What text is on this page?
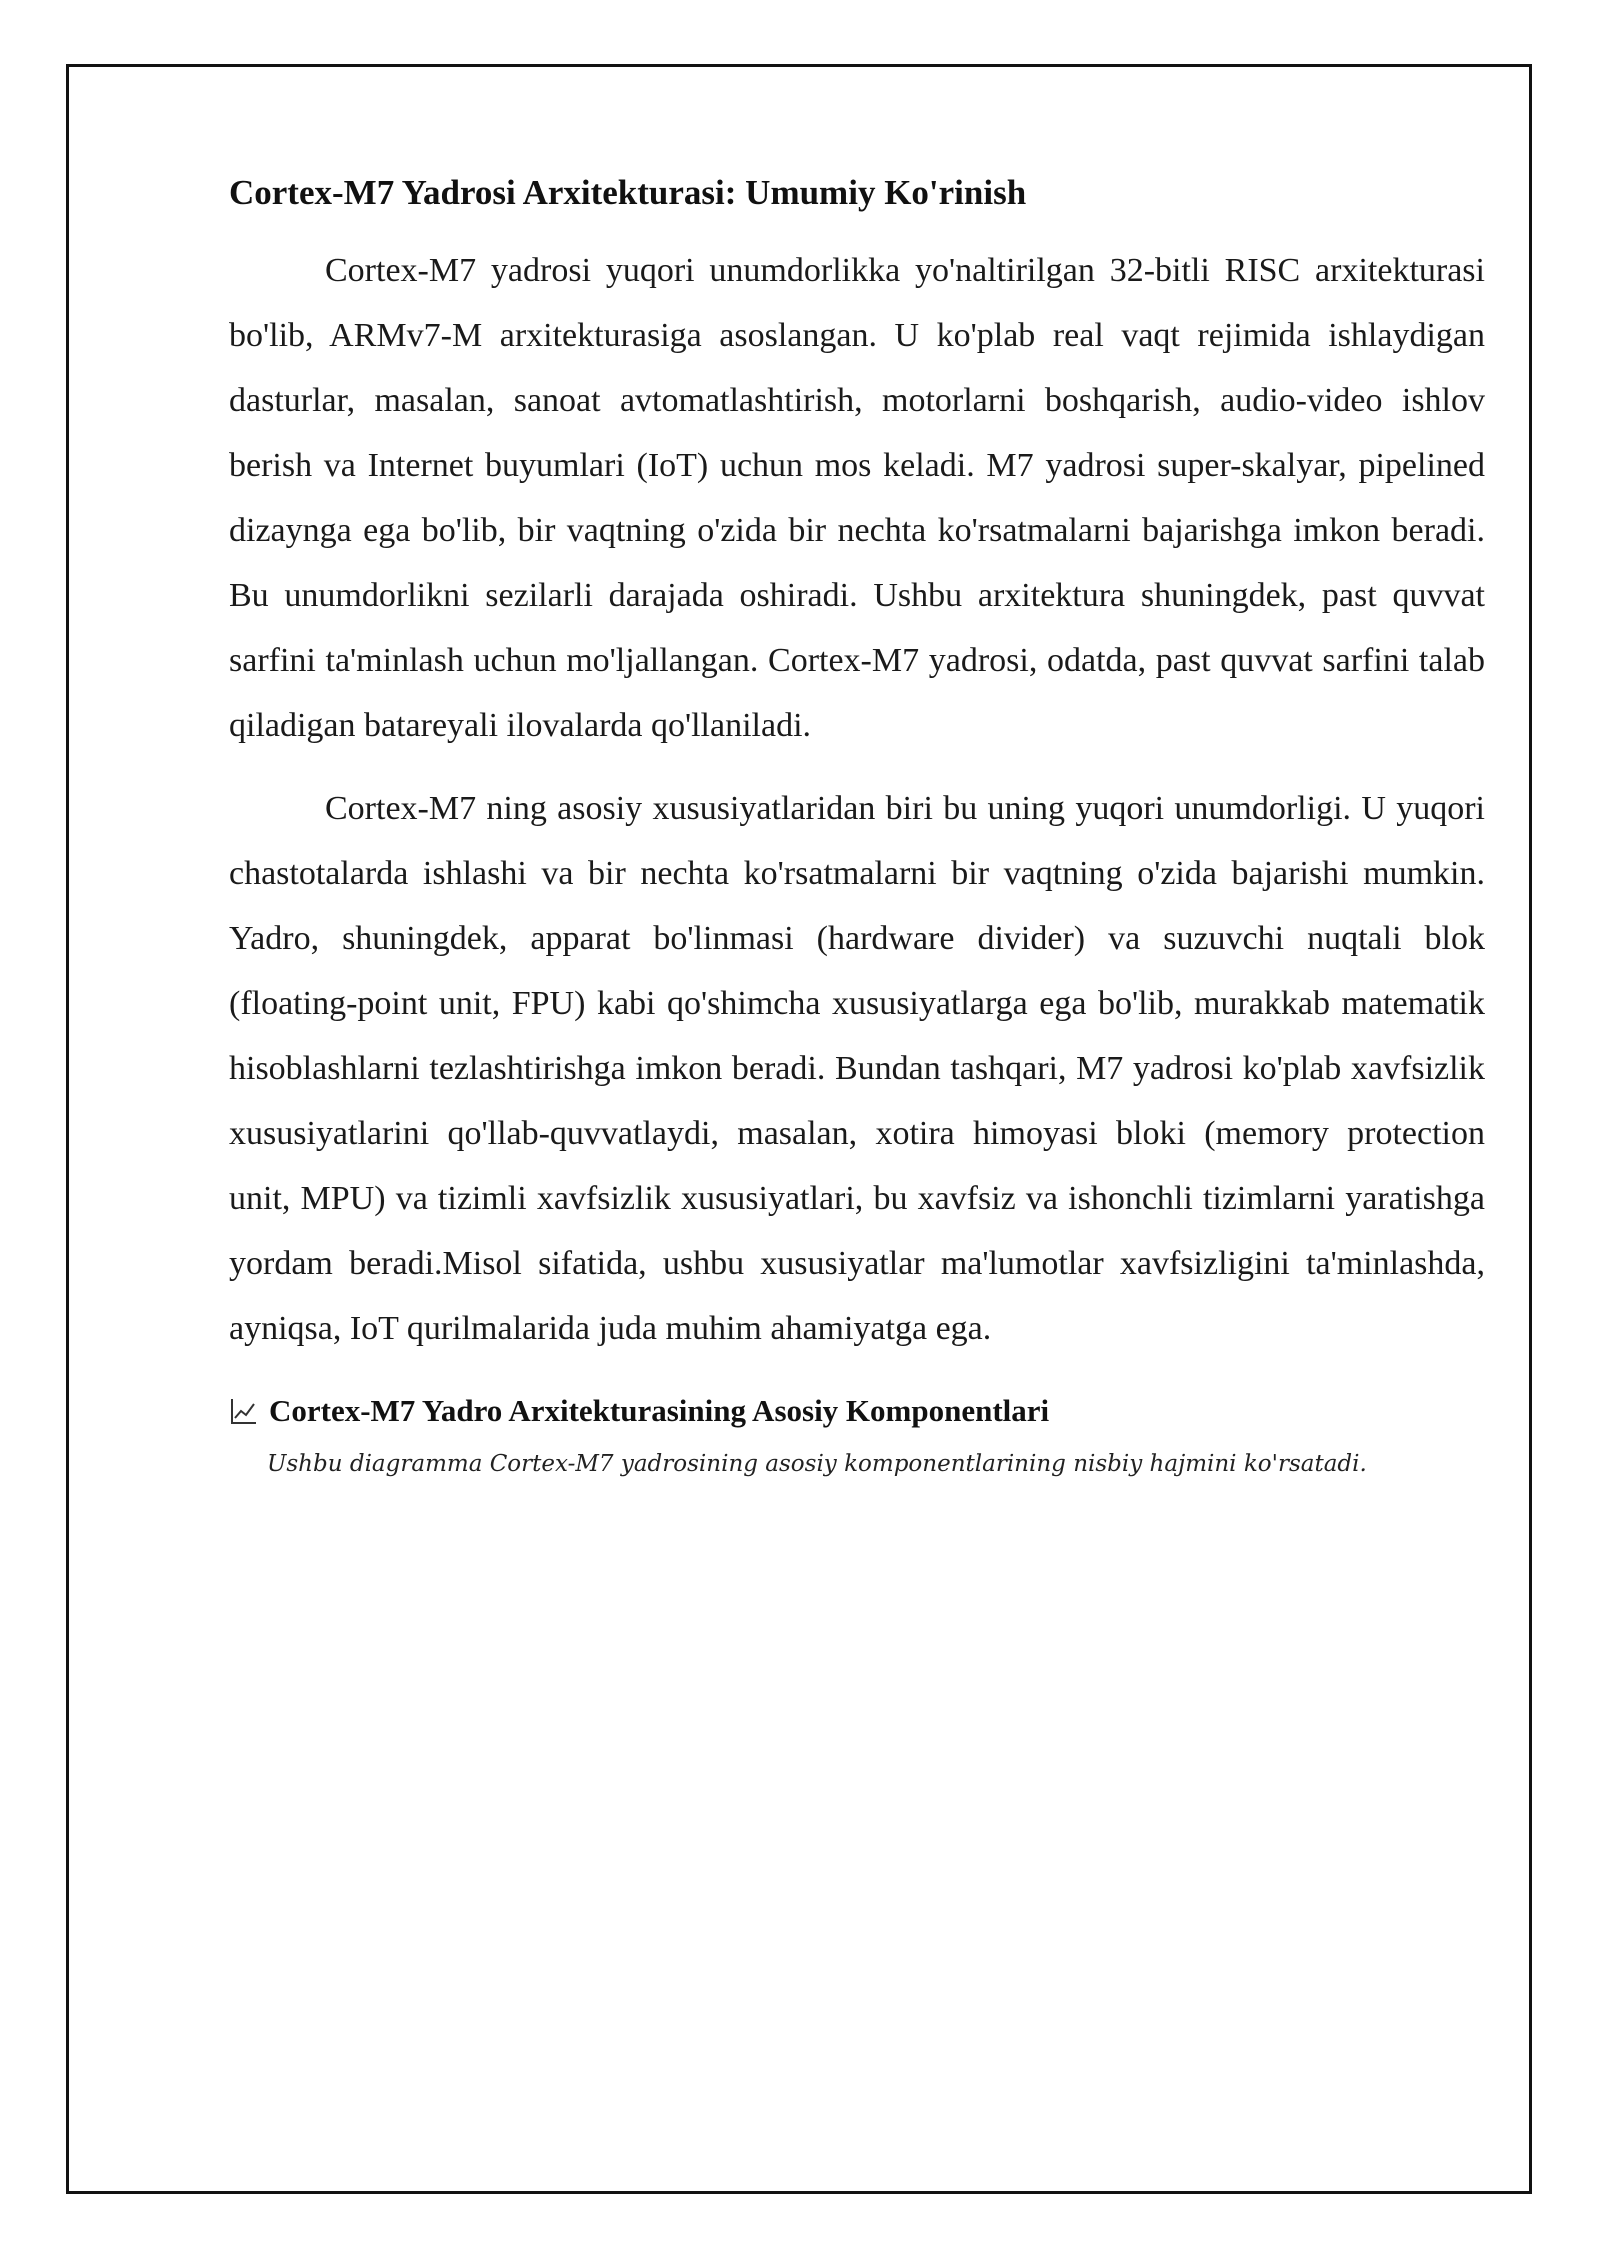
Cortex-M7 Yadrosi Arxitekturasi: Umumiy Ko'rinish

Cortex-M7 yadrosi yuqori unumdorlikka yo'naltirilgan 32-bitli RISC arxitekturasi bo'lib, ARMv7-M arxitekturasiga asoslangan. U ko'plab real vaqt rejimida ishlaydigan dasturlar, masalan, sanoat avtomatlashtirish, motorlarni boshqarish, audio-video ishlov berish va Internet buyumlari (IoT) uchun mos keladi. M7 yadrosi super-skalyar, pipelined dizaynga ega bo'lib, bir vaqtning o'zida bir nechta ko'rsatmalarni bajarishga imkon beradi. Bu unumdorlikni sezilarli darajada oshiradi. Ushbu arxitektura shuningdek, past quvvat sarfini ta'minlash uchun mo'ljallangan. Cortex-M7 yadrosi, odatda, past quvvat sarfini talab qiladigan batareyali ilovalarda qo'llaniladi.

Cortex-M7 ning asosiy xususiyatlaridan biri bu uning yuqori unumdorligi. U yuqori chastotalarda ishlashi va bir nechta ko'rsatmalarni bir vaqtning o'zida bajarishi mumkin. Yadro, shuningdek, apparat bo'linmasi (hardware divider) va suzuvchi nuqtali blok (floating-point unit, FPU) kabi qo'shimcha xususiyatlarga ega bo'lib, murakkab matematik hisoblashlarni tezlashtirishga imkon beradi. Bundan tashqari, M7 yadrosi ko'plab xavfsizlik xususiyatlarini qo'llab-quvvatlaydi, masalan, xotira himoyasi bloki (memory protection unit, MPU) va tizimli xavfsizlik xususiyatlari, bu xavfsiz va ishonchli tizimlarni yaratishga yordam beradi.Misol sifatida, ushbu xususiyatlar ma'lumotlar xavfsizligini ta'minlashda, ayniqsa, IoT qurilmalarida juda muhim ahamiyatga ega.

Cortex-M7 Yadro Arxitekturasining Asosiy Komponentlari
Ushbu diagramma Cortex-M7 yadrosining asosiy komponentlarining nisbiy hajmini ko'rsatadi.
